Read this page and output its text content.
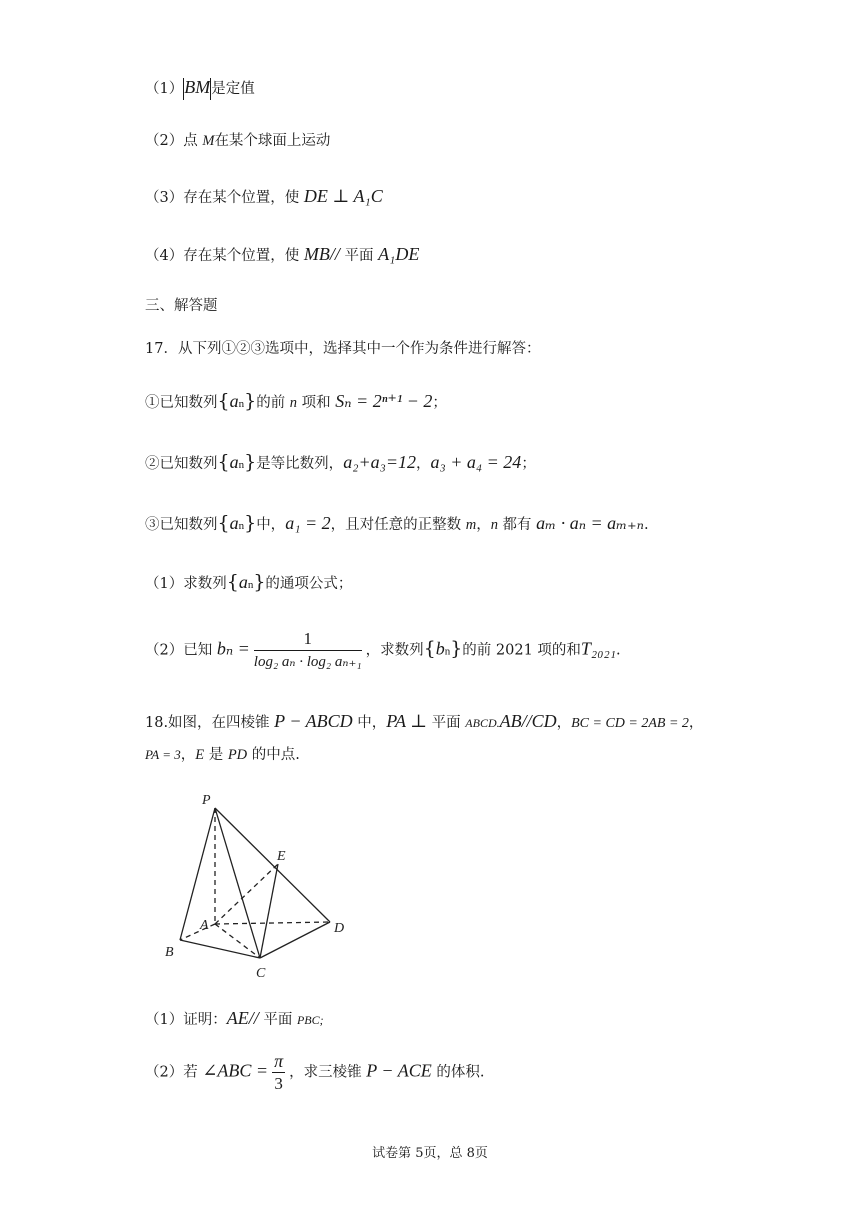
（1）BM是定值
（2）点 M在某个球面上运动
（3）存在某个位置，使 DE ⊥ A₁C
（4）存在某个位置，使 MB// 平面 A₁DE
三、解答题
17．从下列①②③选项中，选择其中一个作为条件进行解答：
①已知数列{an}的前 n 项和 Sₙ = 2ⁿ⁺¹ − 2；
②已知数列{an}是等比数列，a₂+a₃=12，a₃ + a₄ = 24；
③已知数列{an}中，a₁ = 2，且对任意的正整数 m，n 都有 aₘ · aₙ = aₘ₊ₙ.
（1）求数列{an}的通项公式；
（2）已知 $b_n = \frac{1}{\text{log₂ aₙ · log₂ aₙ₊₁}}$ ，求数列{bn}的前 2021 项的和T₂₀₂₁.
18.如图，在四棱锥 P − ABCD 中，PA ⊥ 平面 ABCD.AB//CD，BC = CD = 2AB = 2，
PA = 3，E 是 PD 的中点.
P
A
B
C
D
E
（1）证明：AE// 平面 PBC;
（2）若 ∠ABC = $\frac{\pi}{3}$ ，求三棱锥 P − ACE 的体积.
试卷第 5页，总 8页
